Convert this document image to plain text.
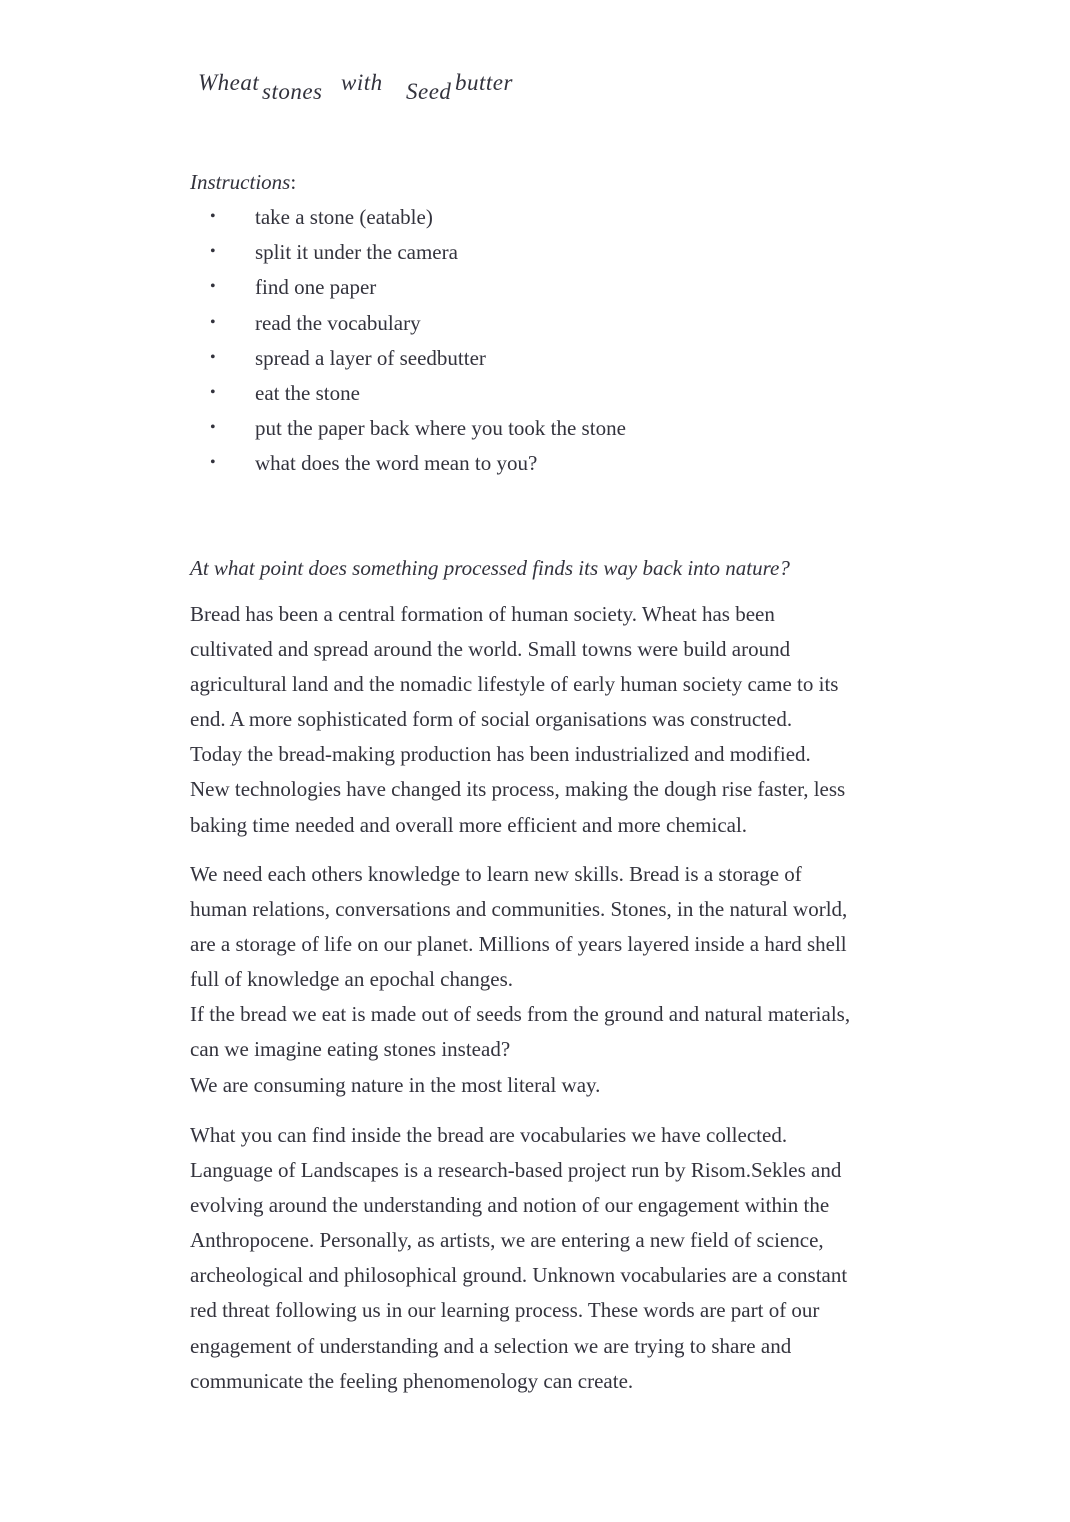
Wheat stones with Seed butter
Instructions:
• take a stone (eatable)
• split it under the camera
• find one paper
• read the vocabulary
• spread a layer of seedbutter
• eat the stone
• put the paper back where you took the stone
• what does the word mean to you?
At what point does something processed finds its way back into nature?

Bread has been a central formation of human society. Wheat has been
cultivated and spread around the world. Small towns were build around
agricultural land and the nomadic lifestyle of early human society came to its
end. A more sophisticated form of social organisations was constructed.
Today the bread-making production has been industrialized and modified.
New technologies have changed its process, making the dough rise faster, less
baking time needed and overall more efficient and more chemical.

We need each others knowledge to learn new skills. Bread is a storage of
human relations, conversations and communities. Stones, in the natural world,
are a storage of life on our planet. Millions of years layered inside a hard shell
full of knowledge an epochal changes.
If the bread we eat is made out of seeds from the ground and natural materials,
can we imagine eating stones instead?
We are consuming nature in the most literal way.

What you can find inside the bread are vocabularies we have collected.
Language of Landscapes is a research-based project run by Risom.Sekles and
evolving around the understanding and notion of our engagement within the
Anthropocene. Personally, as artists, we are entering a new field of science,
archeological and philosophical ground. Unknown vocabularies are a constant
red threat following us in our learning process. These words are part of our
engagement of understanding and a selection we are trying to share and
communicate the feeling phenomenology can create.
